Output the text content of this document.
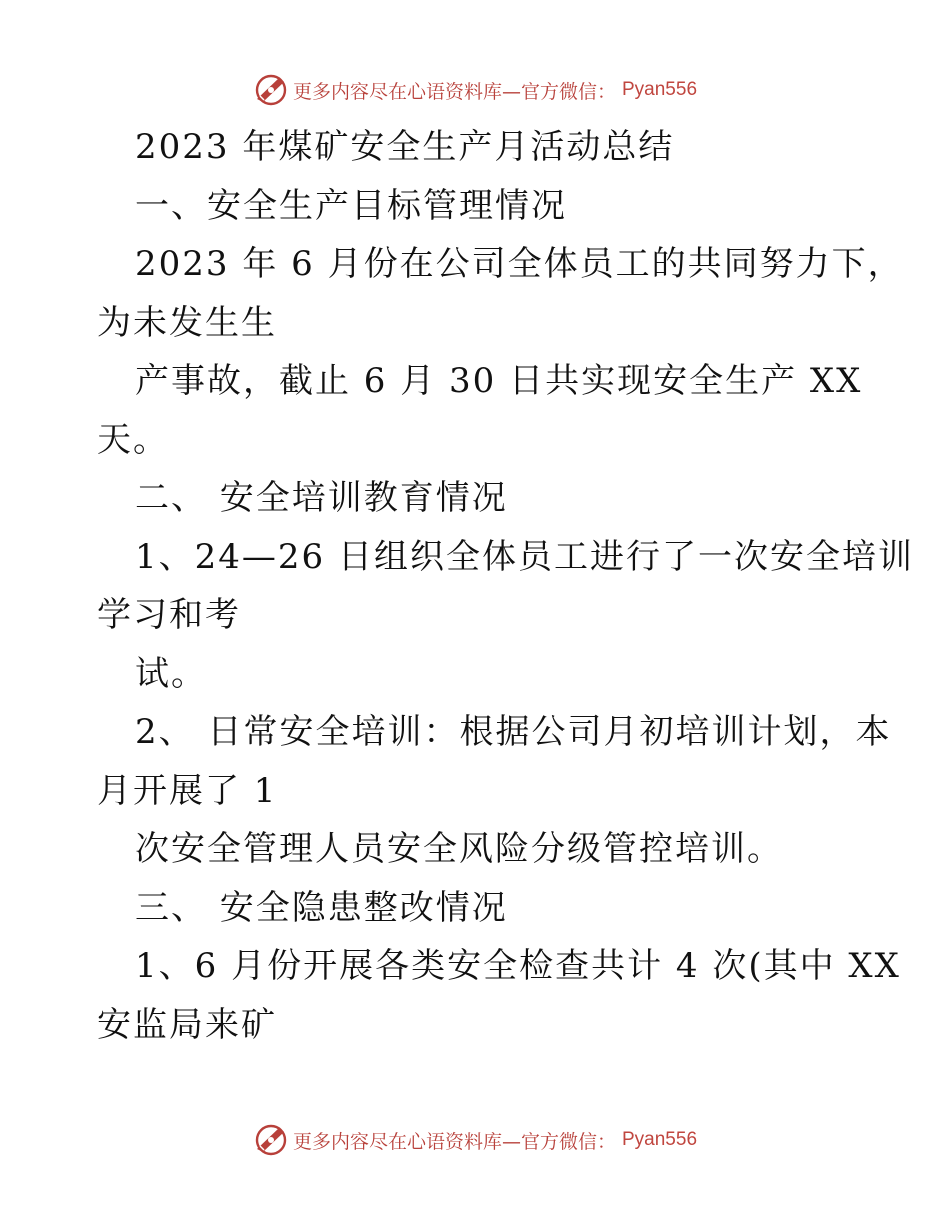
更多内容尽在心语资料库—官方微信： Pyan556
2023 年煤矿安全生产月活动总结
一、安全生产目标管理情况
2023 年 6 月份在公司全体员工的共同努力下，
为未发生生
产事故，截止 6 月 30 日共实现安全生产 XX
天。
二、 安全培训教育情况
1、24—26 日组织全体员工进行了一次安全培训
学习和考
试。
2、 日常安全培训：根据公司月初培训计划，本
月开展了 1
次安全管理人员安全风险分级管控培训。
三、 安全隐患整改情况
1、6 月份开展各类安全检查共计 4 次(其中 XX
安监局来矿
更多内容尽在心语资料库—官方微信： Pyan556
